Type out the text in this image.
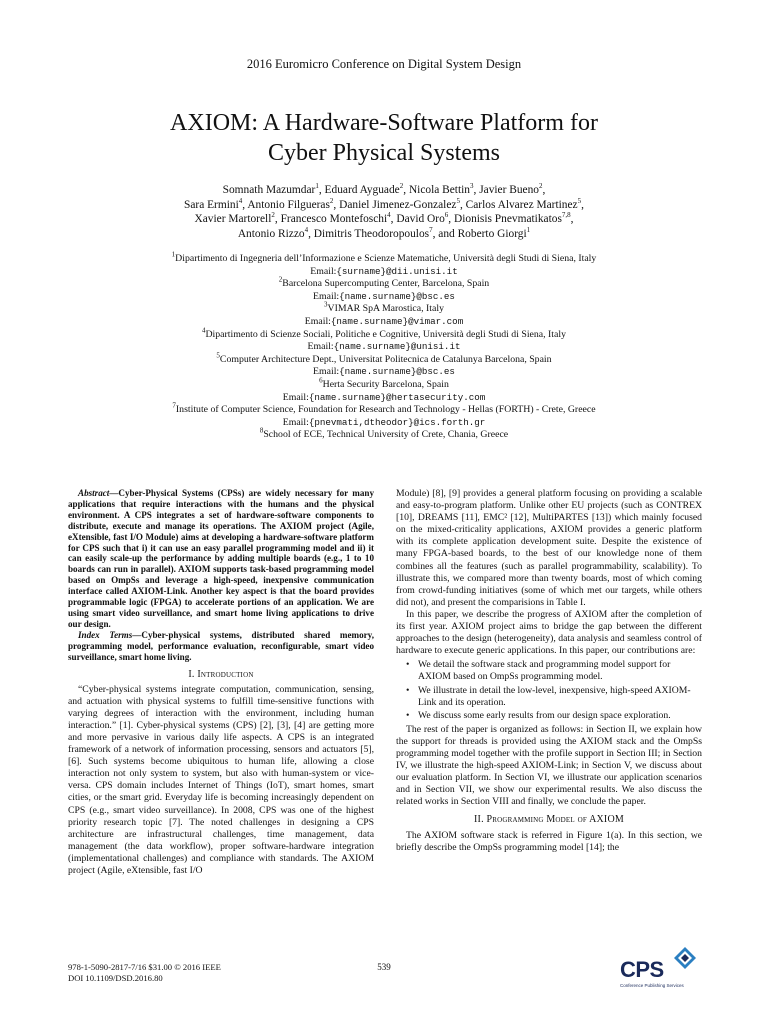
2016 Euromicro Conference on Digital System Design
AXIOM: A Hardware-Software Platform for
Cyber Physical Systems
Somnath Mazumdar$^1$, Eduard Ayguade$^2$, Nicola Bettin$^3$, Javier Bueno$^2$,
Sara Ermini$^4$, Antonio Filgueras$^2$, Daniel Jimenez-Gonzalez$^5$, Carlos Alvarez Martinez$^5$,
Xavier Martorell$^2$, Francesco Montefoschi$^4$, David Oro$^6$, Dionisis Pnevmatikatos$^{7,8}$,
Antonio Rizzo$^4$, Dimitris Theodoropoulos$^7$, and Roberto Giorgi$^1$
$^1$Dipartimento di Ingegneria dell’Informazione e Scienze Matematiche, Università degli Studi di Siena, Italy
Email:{surname}@dii.unisi.it
$^2$Barcelona Supercomputing Center, Barcelona, Spain
Email:{name.surname}@bsc.es
$^3$VIMAR SpA Marostica, Italy
Email:{name.surname}@vimar.com
$^4$Dipartimento di Scienze Sociali, Politiche e Cognitive, Università degli Studi di Siena, Italy
Email:{name.surname}@unisi.it
$^5$Computer Architecture Dept., Universitat Politecnica de Catalunya Barcelona, Spain
Email:{name.surname}@bsc.es
$^6$Herta Security Barcelona, Spain
Email:{name.surname}@hertasecurity.com
$^7$Institute of Computer Science, Foundation for Research and Technology - Hellas (FORTH) - Crete, Greece
Email:{pnevmati,dtheodor}@ics.forth.gr
$^8$School of ECE, Technical University of Crete, Chania, Greece

Abstract—Cyber-Physical Systems (CPSs) are widely necessary for many applications that require interactions with the humans and the physical environment. A CPS integrates a set of hardware-software components to distribute, execute and manage its operations. The AXIOM project (Agile, eXtensible, fast I/O Module) aims at developing a hardware-software platform for CPS such that i) it can use an easy parallel programming model and ii) it can easily scale-up the performance by adding multiple boards (e.g., 1 to 10 boards can run in parallel). AXIOM supports task-based programming model based on OmpSs and leverage a high-speed, inexpensive communication interface called AXIOM-Link. Another key aspect is that the board provides programmable logic (FPGA) to accelerate portions of an application. We are using smart video surveillance, and smart home living applications to drive our design.

Index Terms—Cyber-physical systems, distributed shared memory, programming model, performance evaluation, reconfigurable, smart video surveillance, smart home living.

I. Introduction

“Cyber-physical systems integrate computation, communication, sensing, and actuation with physical systems to fulfill time-sensitive functions with varying degrees of interaction with the environment, including human interaction.” [1]. Cyber-physical systems (CPS) [2], [3], [4] are getting more and more pervasive in various daily life aspects. A CPS is an integrated framework of a network of information processing, sensors and actuators [5], [6]. Such systems become ubiquitous to human life, allowing a close interaction not only system to system, but also with human-system or vice-versa. CPS domain includes Internet of Things (IoT), smart homes, smart cities, or the smart grid. Everyday life is becoming increasingly dependent on CPS (e.g., smart video surveillance). In 2008, CPS was one of the highest priority research topic [7]. The noted challenges in designing a CPS architecture are infrastructural challenges, time management, data management (the data workflow), proper software-hardware integration (implementational challenges) and compliance with standards. The AXIOM project (Agile, eXtensible, fast I/O

Module) [8], [9] provides a general platform focusing on providing a scalable and easy-to-program platform. Unlike other EU projects (such as CONTREX [10], DREAMS [11], EMC² [12], MultiPARTES [13]) which mainly focused on the mixed-criticality applications, AXIOM provides a generic platform with its complete application development suite. Despite the existence of many FPGA-based boards, to the best of our knowledge none of them combines all the features (such as parallel programmability, scalability). To illustrate this, we compared more than twenty boards, most of which coming from crowd-funding initiatives (some of which met our targets, while others did not), and present the comparisions in Table I.

In this paper, we describe the progress of AXIOM after the completion of its first year. AXIOM project aims to bridge the gap between the different approaches to the design (heterogeneity), data analysis and seamless control of hardware to execute generic applications. In this paper, our contributions are:

• We detail the software stack and programming model support for AXIOM based on OmpSs programming model.
• We illustrate in detail the low-level, inexpensive, high-speed AXIOM-Link and its operation.
• We discuss some early results from our design space exploration.

The rest of the paper is organized as follows: in Section II, we explain how the support for threads is provided using the AXIOM stack and the OmpSs programming model together with the profile support in Section III; in Section IV, we illustrate the high-speed AXIOM-Link; in Section V, we discuss about our evaluation platform. In Section VI, we illustrate our application scenarios and in Section VII, we show our experimental results. We also discuss the related works in Section VIII and finally, we conclude the paper.

II. Programming Model of AXIOM

The AXIOM software stack is referred in Figure 1(a). In this section, we briefly describe the OmpSs programming model [14]; the

978-1-5090-2817-7/16 $31.00 © 2016 IEEE
DOI 10.1109/DSD.2016.80
539	CPS
Conference Publishing Services
